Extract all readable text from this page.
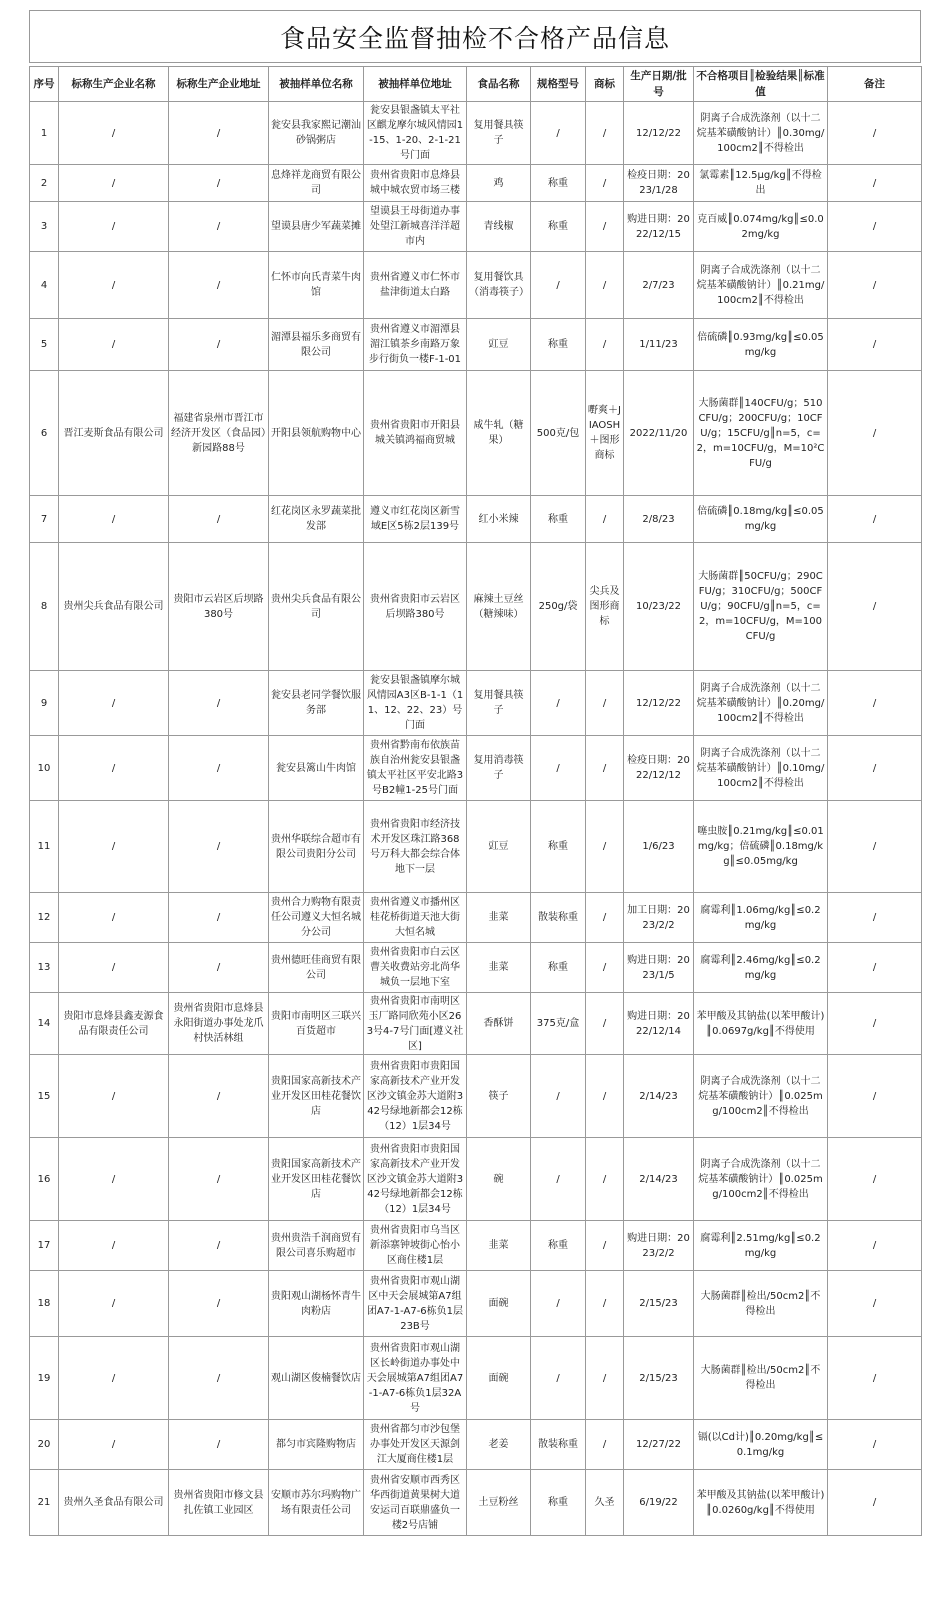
食品安全监督抽检不合格产品信息
序号	标称生产企业名称	标称生产企业地址	被抽样单位名称	被抽样单位地址	食品名称	规格型号	商标	生产日期/批号	不合格项目║检验结果║标准值	备注
1	/	/	瓮安县我家熙记潮汕砂锅粥店	瓮安县银盏镇太平社区麒龙摩尔城风情园1-15、1-20、2-1-21号门面	复用餐具筷子	/	/	12/12/22	阴离子合成洗涤剂（以十二烷基苯磺酸钠计）║0.30mg/100cm2║不得检出	/
2	/	/	息烽祥龙商贸有限公司	贵州省贵阳市息烽县城中城农贸市场三楼	鸡	称重	/	检疫日期：2023/1/28	氯霉素║12.5μg/kg║不得检出	/
3	/	/	望谟县唐少军蔬菜摊	望谟县王母街道办事处望江新城喜洋洋超市内	青线椒	称重	/	购进日期：2022/12/15	克百威║0.074mg/kg║≤0.02mg/kg	/
4	/	/	仁怀市向氏青菜牛肉馆	贵州省遵义市仁怀市盐津街道太白路	复用餐饮具（消毒筷子）	/	/	2/7/23	阴离子合成洗涤剂（以十二烷基苯磺酸钠计）║0.21mg/100cm2║不得检出	/
5	/	/	湄潭县福乐多商贸有限公司	贵州省遵义市湄潭县湄江镇茶乡南路万象步行街负一楼F-1-01	豇豆	称重	/	1/11/23	倍硫磷║0.93mg/kg║≤0.05mg/kg	/
6	晋江麦斯食品有限公司	福建省泉州市晋江市经济开发区（食品园）新园路88号	开阳县领航购物中心	贵州省贵阳市开阳县城关镇鸿福商贸城	咸牛轧（糖果）	500克/包	嘢爽＋JIAOSH＋图形商标	2022/11/20	大肠菌群║140CFU/g；510CFU/g；200CFU/g；10CFU/g；15CFU/g║n=5，c=2，m=10CFU/g，M=10²CFU/g	/
7	/	/	红花岗区永罗蔬菜批发部	遵义市红花岗区新雪域E区5栋2层139号	红小米辣	称重	/	2/8/23	倍硫磷║0.18mg/kg║≤0.05mg/kg	/
8	贵州尖兵食品有限公司	贵阳市云岩区后坝路380号	贵州尖兵食品有限公司	贵州省贵阳市云岩区后坝路380号	麻辣土豆丝（糖辣味）	250g/袋	尖兵及图形商标	10/23/22	大肠菌群║50CFU/g；290CFU/g；310CFU/g；500CFU/g；90CFU/g║n=5，c=2，m=10CFU/g，M=100CFU/g	/
9	/	/	瓮安县老同学餐饮服务部	瓮安县银盏镇摩尔城风情园A3区B-1-1（11、12、22、23）号门面	复用餐具筷子	/	/	12/12/22	阴离子合成洗涤剂（以十二烷基苯磺酸钠计）║0.20mg/100cm2║不得检出	/
10	/	/	瓮安县篱山牛肉馆	贵州省黔南布依族苗族自治州瓮安县银盏镇太平社区平安北路3号B2幢1-25号门面	复用消毒筷子	/	/	检疫日期：2022/12/12	阴离子合成洗涤剂（以十二烷基苯磺酸钠计）║0.10mg/100cm2║不得检出	/
11	/	/	贵州华联综合超市有限公司贵阳分公司	贵州省贵阳市经济技术开发区珠江路368号万科大都会综合体地下一层	豇豆	称重	/	1/6/23	噻虫胺║0.21mg/kg║≤0.01mg/kg；倍硫磷║0.18mg/kg║≤0.05mg/kg	/
12	/	/	贵州合力购物有限责任公司遵义大恒名城分公司	贵州省遵义市播州区桂花桥街道天池大街大恒名城	韭菜	散装称重	/	加工日期：2023/2/2	腐霉利║1.06mg/kg║≤0.2mg/kg	/
13	/	/	贵州德旺佳商贸有限公司	贵州省贵阳市白云区曹关收费站旁北尚华城负一层地下室	韭菜	称重	/	购进日期：2023/1/5	腐霉利║2.46mg/kg║≤0.2mg/kg	/
14	贵阳市息烽县鑫麦源食品有限责任公司	贵州省贵阳市息烽县永阳街道办事处龙爪村快活林组	贵阳市南明区三联兴百货超市	贵州省贵阳市南明区玉厂路同欣苑小区263号4-7号门面[遵义社区]	香酥饼	375克/盒	/	购进日期：2022/12/14	苯甲酸及其钠盐(以苯甲酸计)║0.0697g/kg║不得使用	/
15	/	/	贵阳国家高新技术产业开发区田桂花餐饮店	贵州省贵阳市贵阳国家高新技术产业开发区沙文镇金苏大道附342号绿地新都会12栋（12）1层34号	筷子	/	/	2/14/23	阴离子合成洗涤剂（以十二烷基苯磺酸钠计）║0.025mg/100cm2║不得检出	/
16	/	/	贵阳国家高新技术产业开发区田桂花餐饮店	贵州省贵阳市贵阳国家高新技术产业开发区沙文镇金苏大道附342号绿地新都会12栋（12）1层34号	碗	/	/	2/14/23	阴离子合成洗涤剂（以十二烷基苯磺酸钠计）║0.025mg/100cm2║不得检出	/
17	/	/	贵州贵浩千润商贸有限公司喜乐购超市	贵州省贵阳市乌当区新添寨钟坡街心怡小区商住楼1层	韭菜	称重	/	购进日期：2023/2/2	腐霉利║2.51mg/kg║≤0.2mg/kg	/
18	/	/	贵阳观山湖杨怀青牛肉粉店	贵州省贵阳市观山湖区中天会展城第A7组团A7-1-A7-6栋负1层23B号	面碗	/	/	2/15/23	大肠菌群║检出/50cm2║不得检出	/
19	/	/	观山湖区俊楠餐饮店	贵州省贵阳市观山湖区长岭街道办事处中天会展城第A7组团A7-1-A7-6栋负1层32A号	面碗	/	/	2/15/23	大肠菌群║检出/50cm2║不得检出	/
20	/	/	都匀市宾隆购物店	贵州省都匀市沙包堡办事处开发区天源剑江大厦商住楼1层	老姜	散装称重	/	12/27/22	镉(以Cd计)║0.20mg/kg║≤0.1mg/kg	/
21	贵州久圣食品有限公司	贵州省贵阳市修文县扎佐镇工业园区	安顺市苏尔玛购物广场有限责任公司	贵州省安顺市西秀区华西街道黄果树大道安运司百联鼎盛负一楼2号店铺	土豆粉丝	称重	久圣	6/19/22	苯甲酸及其钠盐(以苯甲酸计)║0.0260g/kg║不得使用	/
